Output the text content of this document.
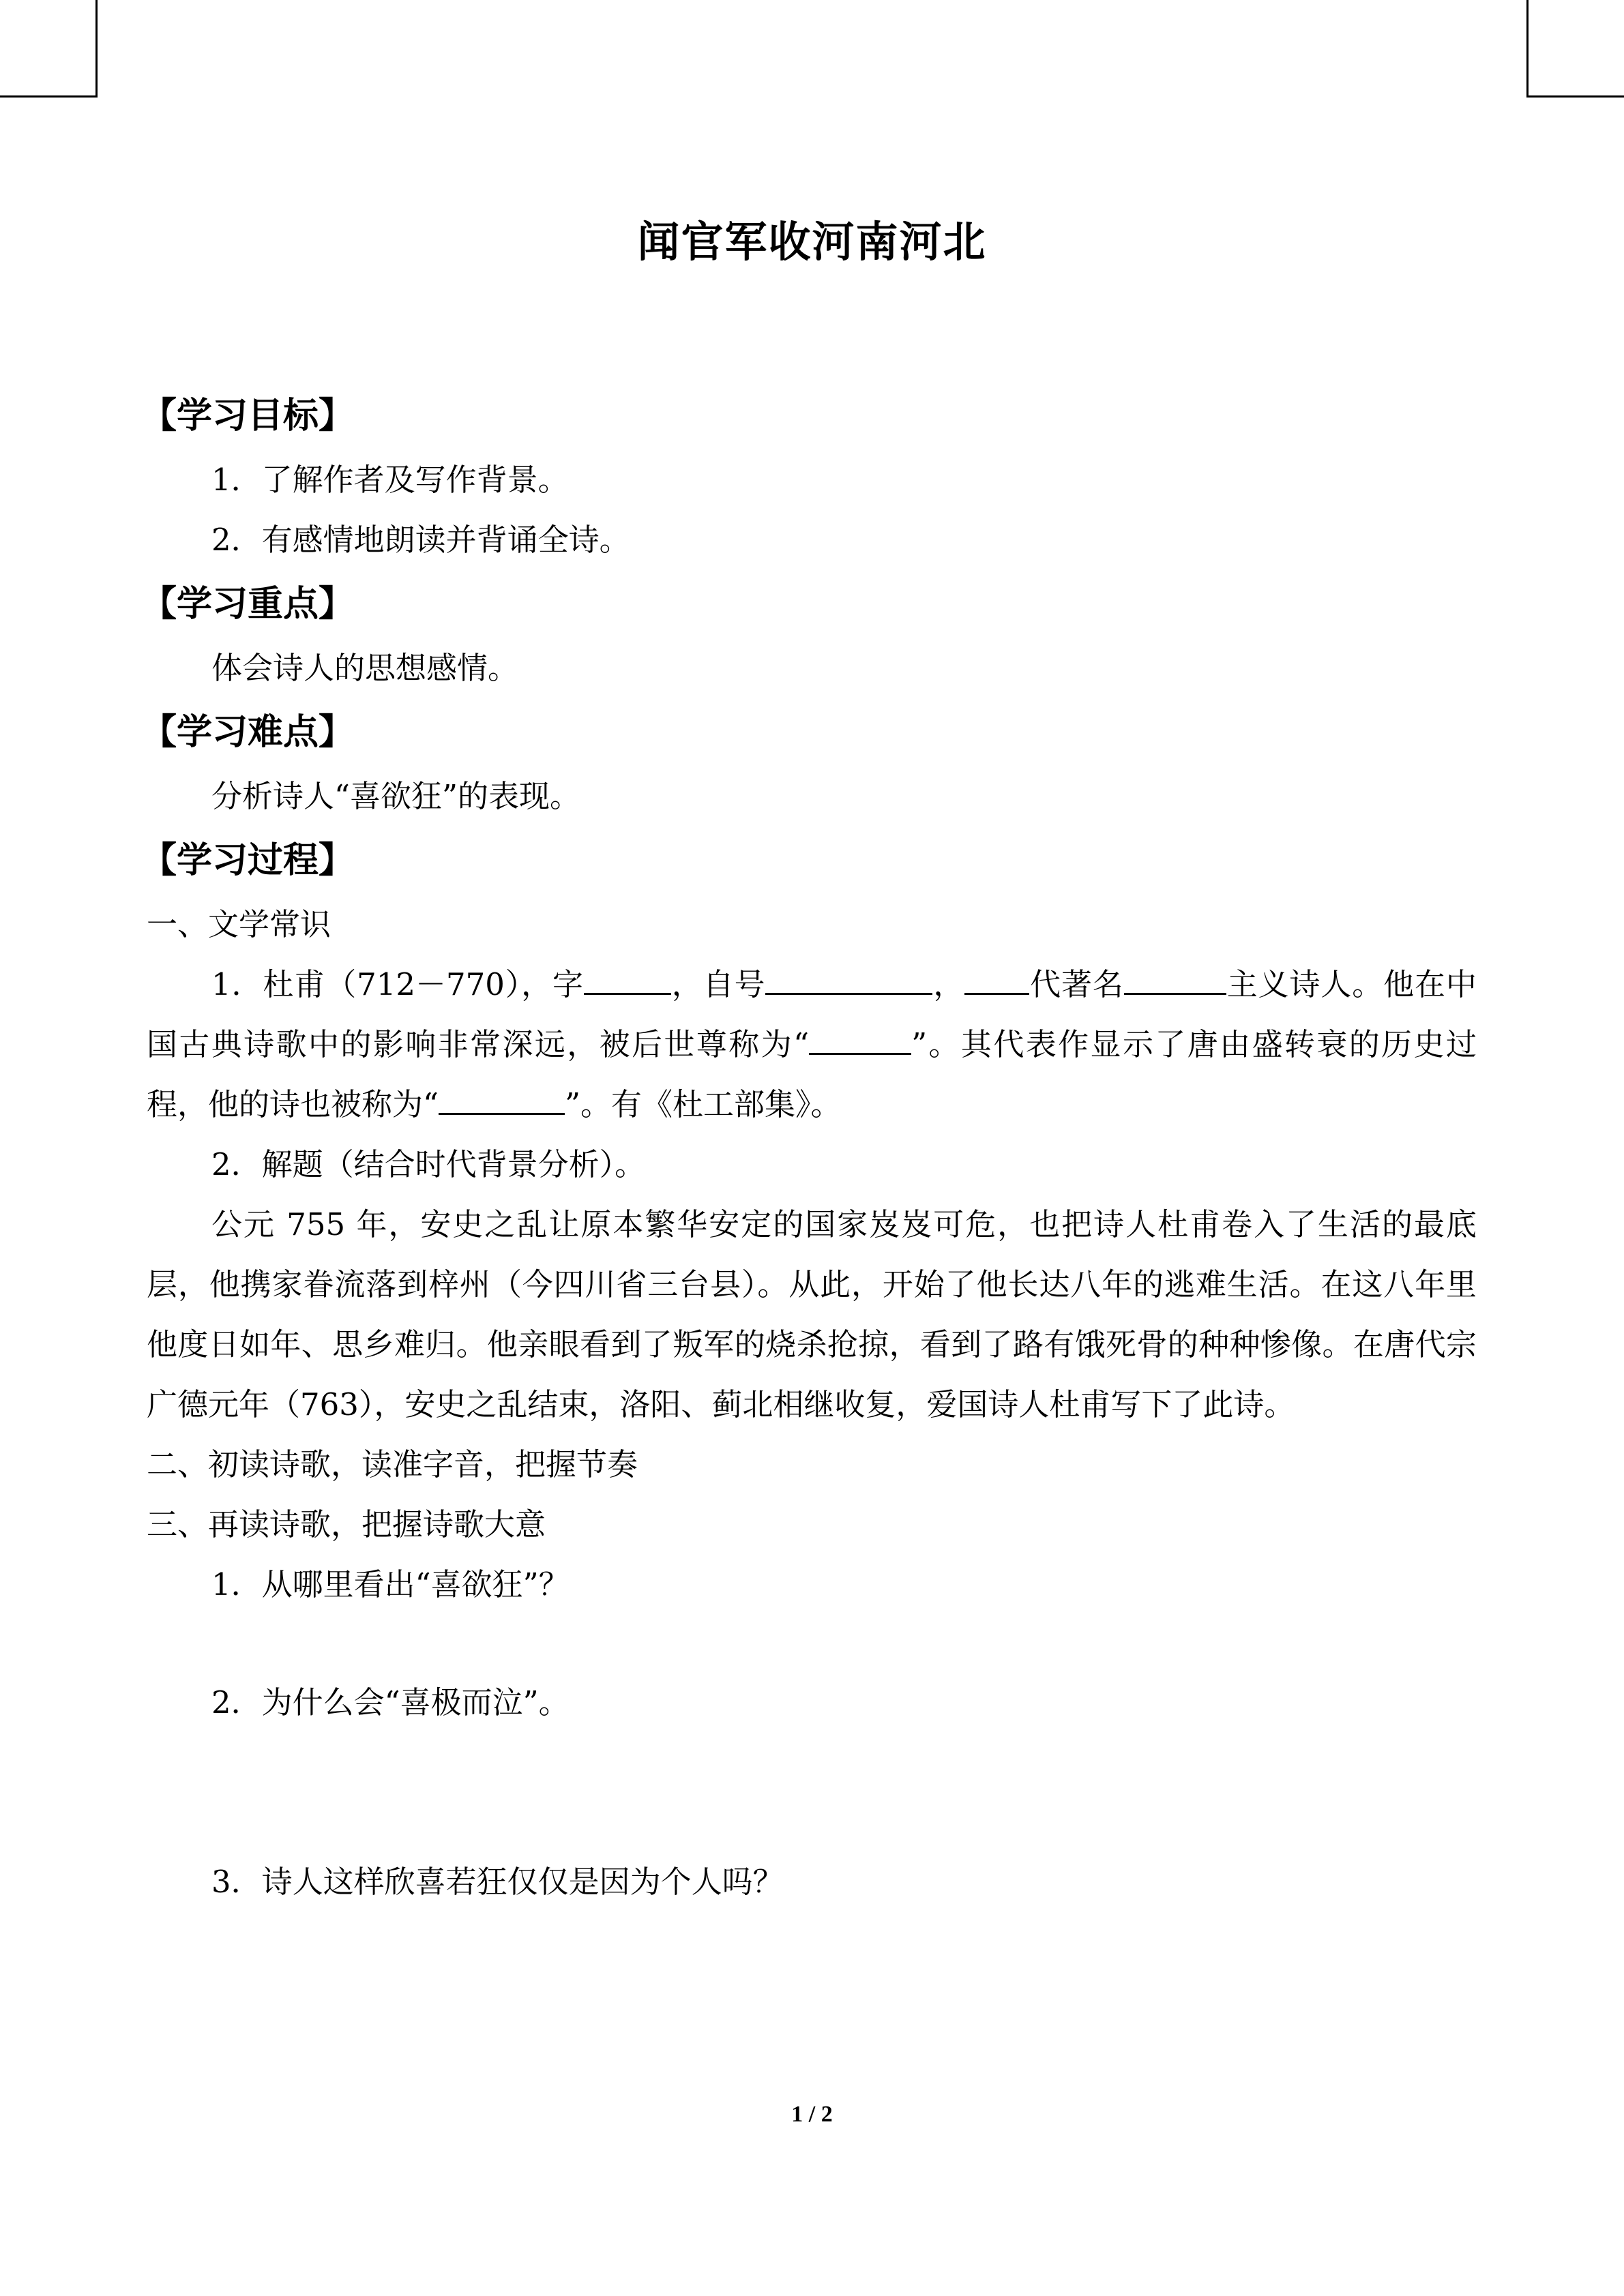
闻官军收河南河北
【学习目标】

1．了解作者及写作背景。

2．有感情地朗读并背诵全诗。

【学习重点】

体会诗人的思想感情。

【学习难点】

分析诗人“喜欲狂”的表现。

【学习过程】

一、文学常识

1．杜甫（712－770），字	，自号	， 代著名	主义诗人。他在中国古典诗歌中的影响非常深远，被后世尊称为“	”。其代表作显示了唐由盛转衰的历史过程，他的诗也被称为“	”。有《杜工部集》。

2．解题（结合时代背景分析）。

公元 755 年，安史之乱让原本繁华安定的国家岌岌可危，也把诗人杜甫卷入了生活的最底层，他携家眷流落到梓州（今四川省三台县）。从此，开始了他长达八年的逃难生活。在这八年里他度日如年、思乡难归。他亲眼看到了叛军的烧杀抢掠，看到了路有饿死骨的种种惨像。在唐代宗广德元年（763），安史之乱结束，洛阳、蓟北相继收复，爱国诗人杜甫写下了此诗。

二、初读诗歌，读准字音，把握节奏

三、再读诗歌，把握诗歌大意

1．从哪里看出“喜欲狂”？

2．为什么会“喜极而泣”。

3．诗人这样欣喜若狂仅仅是因为个人吗？

1 / 2
